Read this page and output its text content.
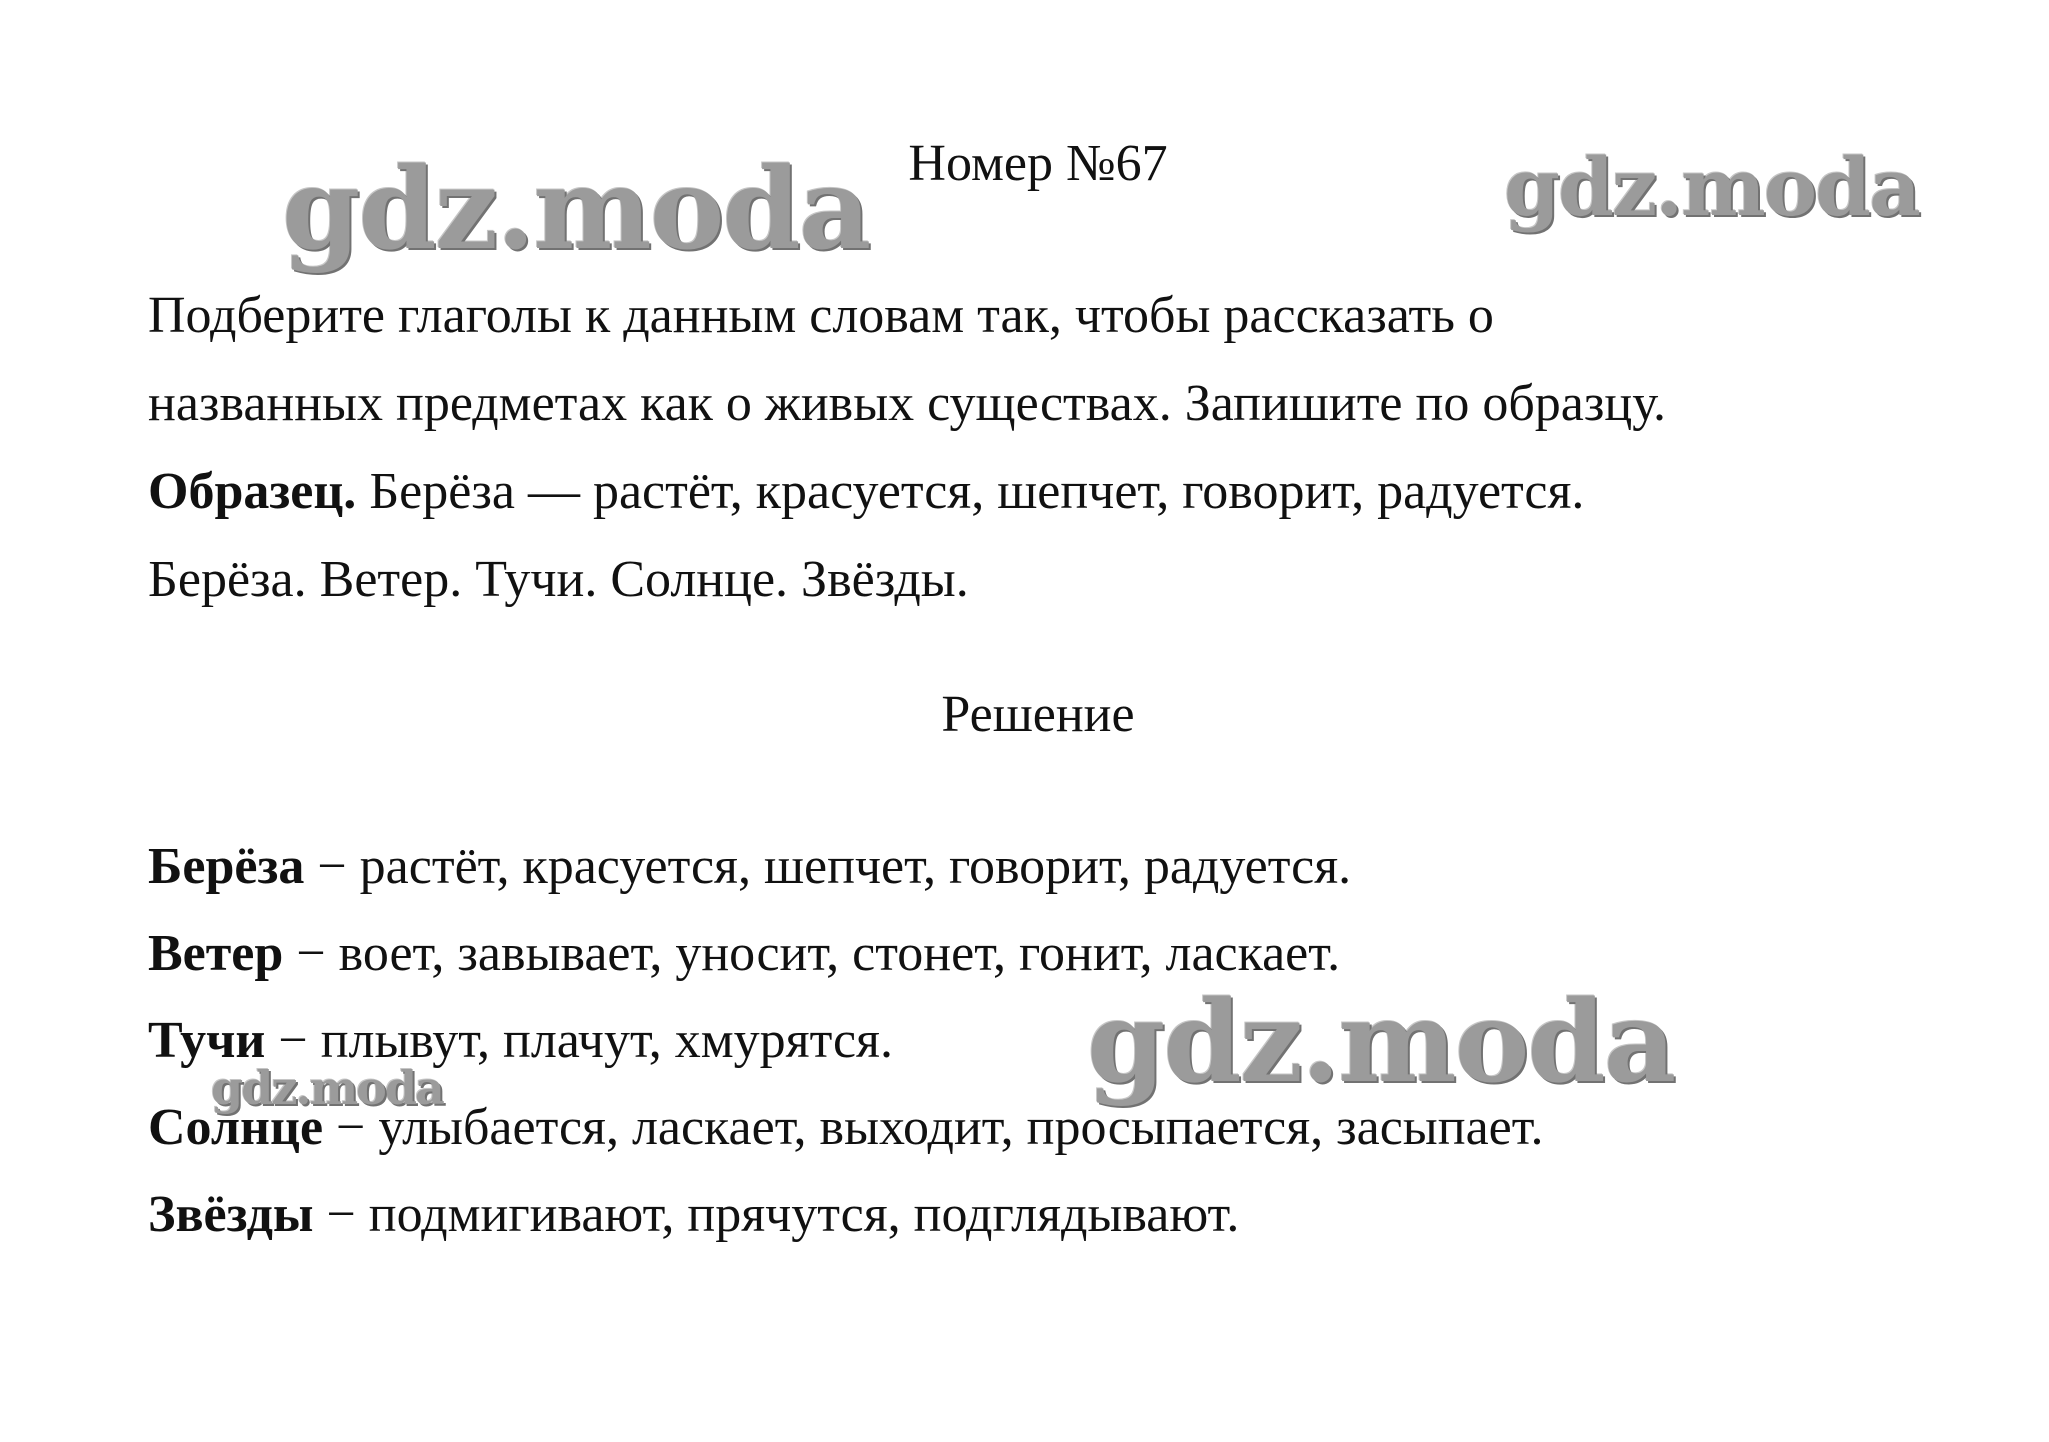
Номер №67

Подберите глаголы к данным словам так, чтобы рассказать о

названных предметах как о живых существах. Запишите по образцу.

Образец. Берёза — растёт, красуется, шепчет, говорит, радуется.

Берёза. Ветер. Тучи. Солнце. Звёзды.

Решение
Берёза − растёт, красуется, шепчет, говорит, радуется.
Ветер − воет, завывает, уносит, стонет, гонит, ласкает.
Тучи − плывут, плачут, хмурятся.
Солнце − улыбается, ласкает, выходит, просыпается, засыпает.
Звёзды − подмигивают, прячутся, подглядывают.
gdz.moda	gdz.moda
gdz.moda
gdz.moda
